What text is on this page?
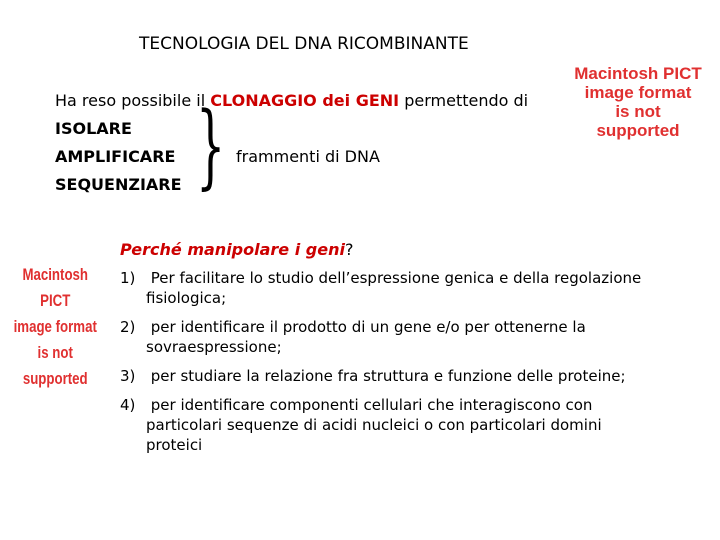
TECNOLOGIA DEL DNA RICOMBINANTE
Ha reso possibile il CLONAGGIO dei GENI permettendo di
ISOLARE
AMPLIFICARE
SEQUENZIARE } frammenti di DNA
Macintosh PICT
image format
is not supported
Macintosh PICT
image format
is not supported
Perché manipolare i geni?
1) Per facilitare lo studio dell’espressione genica e della regolazione fisiologica;
2) per identificare il prodotto di un gene e/o per ottenerne la sovraespressione;
3) per studiare la relazione fra struttura e funzione delle proteine;
4) per identificare componenti cellulari che interagiscono con particolari sequenze di acidi nucleici o con particolari domini proteici
